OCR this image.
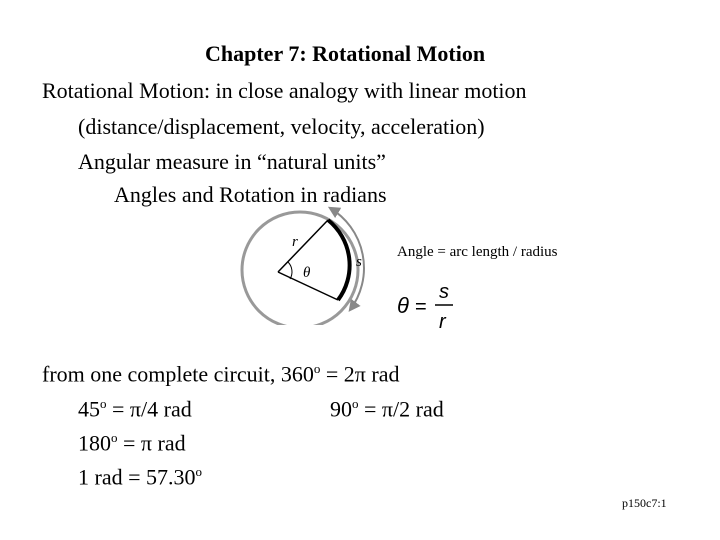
Chapter 7: Rotational Motion
Rotational Motion: in close analogy with linear motion
(distance/displacement, velocity, acceleration)
Angular measure in “natural units”
Angles and Rotation in radians
r
θ
s
Angle = arc length / radius
θ =
s
r
from one complete circuit, $360^o = 2\pi$ rad
$45^o = \pi/4$ rad	$90^o = \pi/2$ rad
$180^o = \pi$ rad
1 rad = $57.30^o$
p150c7:1
